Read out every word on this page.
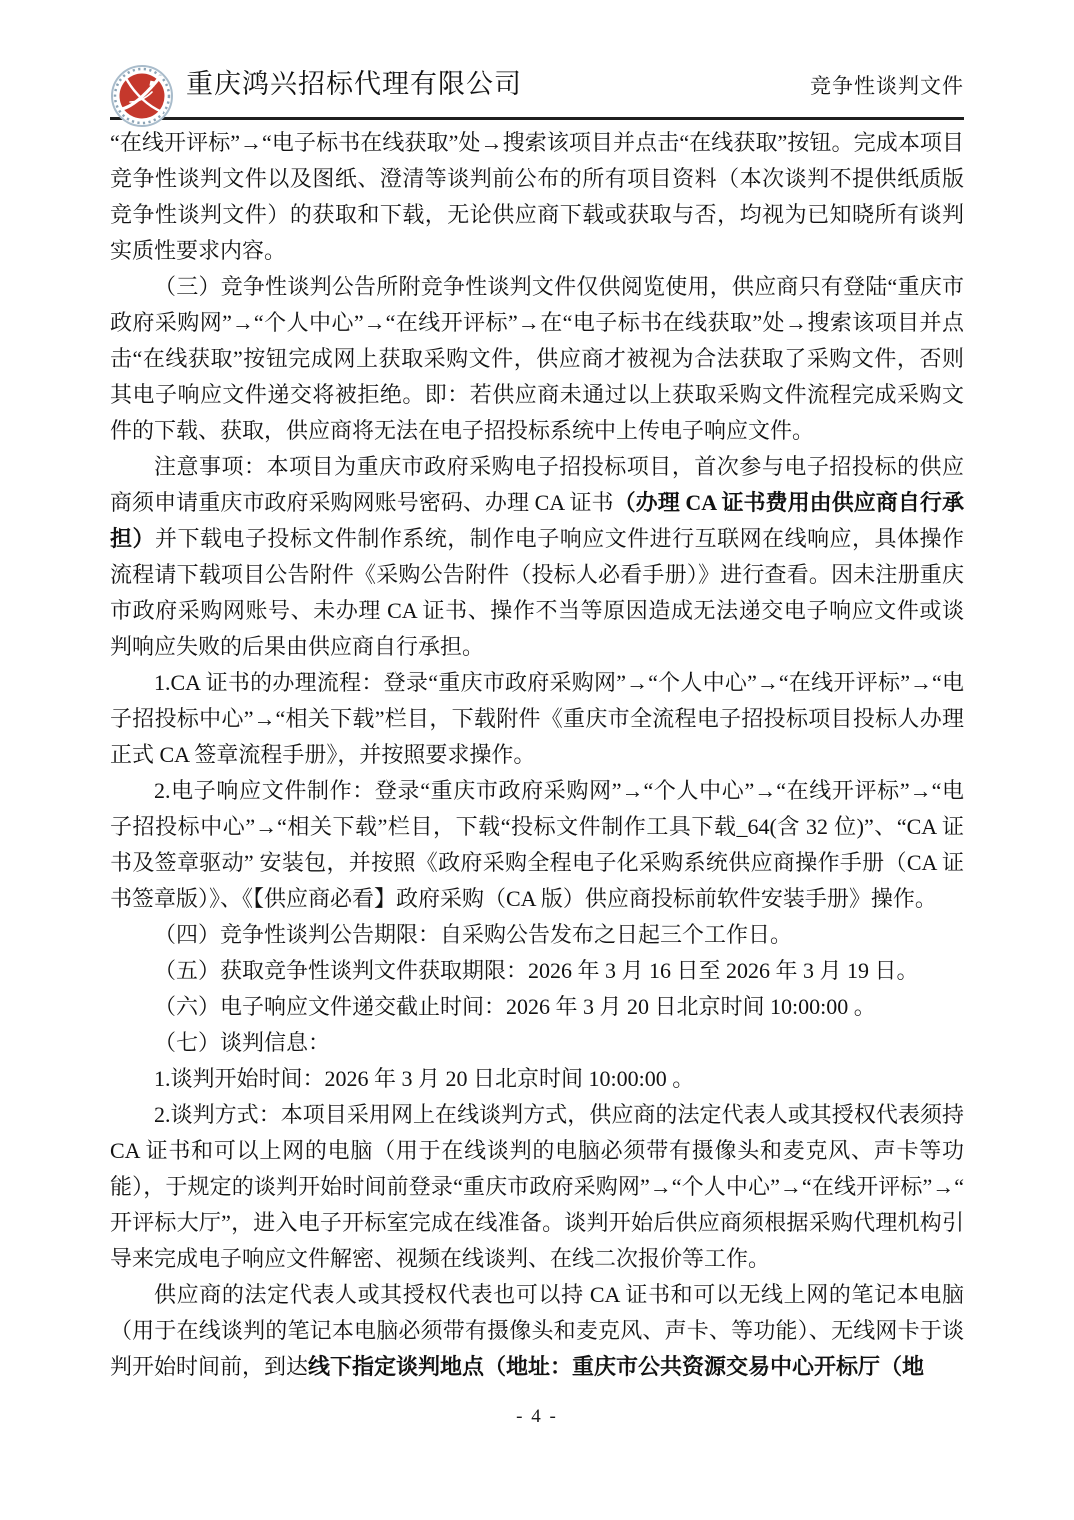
重庆鸿兴招标代理有限公司	竞争性谈判文件

“在线开评标”→“电子标书在线获取”处→搜索该项目并点击“在线获取”按钮。完成本项目竞争性谈判文件以及图纸、澄清等谈判前公布的所有项目资料（本次谈判不提供纸质版竞争性谈判文件）的获取和下载，无论供应商下载或获取与否，均视为已知晓所有谈判实质性要求内容。

（三）竞争性谈判公告所附竞争性谈判文件仅供阅览使用，供应商只有登陆“重庆市政府采购网”→“个人中心”→“在线开评标”→在“电子标书在线获取”处→搜索该项目并点击“在线获取”按钮完成网上获取采购文件，供应商才被视为合法获取了采购文件，否则其电子响应文件递交将被拒绝。即：若供应商未通过以上获取采购文件流程完成采购文件的下载、获取，供应商将无法在电子招投标系统中上传电子响应文件。

注意事项：本项目为重庆市政府采购电子招投标项目，首次参与电子招投标的供应商须申请重庆市政府采购网账号密码、办理 CA 证书（办理 CA 证书费用由供应商自行承担）并下载电子投标文件制作系统，制作电子响应文件进行互联网在线响应，具体操作流程请下载项目公告附件《采购公告附件（投标人必看手册）》进行查看。因未注册重庆市政府采购网账号、未办理 CA 证书、操作不当等原因造成无法递交电子响应文件或谈判响应失败的后果由供应商自行承担。

1.CA 证书的办理流程：登录“重庆市政府采购网”→“个人中心”→“在线开评标”→“电子招投标中心”→“相关下载”栏目，下载附件《重庆市全流程电子招投标项目投标人办理正式 CA 签章流程手册》，并按照要求操作。

2.电子响应文件制作：登录“重庆市政府采购网”→“个人中心”→“在线开评标”→“电子招投标中心”→“相关下载”栏目，下载“投标文件制作工具下载_64(含 32 位)”、“CA 证书及签章驱动” 安装包，并按照《政府采购全程电子化采购系统供应商操作手册（CA 证书签章版）》、《【供应商必看】政府采购（CA 版）供应商投标前软件安装手册》操作。

（四）竞争性谈判公告期限：自采购公告发布之日起三个工作日。

（五）获取竞争性谈判文件获取期限：2026 年 3 月 16 日至 2026 年 3 月 19 日。

（六）电子响应文件递交截止时间：2026 年 3 月 20 日北京时间 10:00:00 。

（七）谈判信息：

1.谈判开始时间：2026 年 3 月 20 日北京时间 10:00:00 。

2.谈判方式：本项目采用网上在线谈判方式，供应商的法定代表人或其授权代表须持 CA 证书和可以上网的电脑（用于在线谈判的电脑必须带有摄像头和麦克风、声卡等功能），于规定的谈判开始时间前登录“重庆市政府采购网”→“个人中心”→“在线开评标”→“ 开评标大厅”，进入电子开标室完成在线准备。谈判开始后供应商须根据采购代理机构引导来完成电子响应文件解密、视频在线谈判、在线二次报价等工作。

供应商的法定代表人或其授权代表也可以持 CA 证书和可以无线上网的笔记本电脑（用于在线谈判的笔记本电脑必须带有摄像头和麦克风、声卡、等功能）、无线网卡于谈判开始时间前，到达线下指定谈判地点（地址：重庆市公共资源交易中心开标厅（地

- 4 -
